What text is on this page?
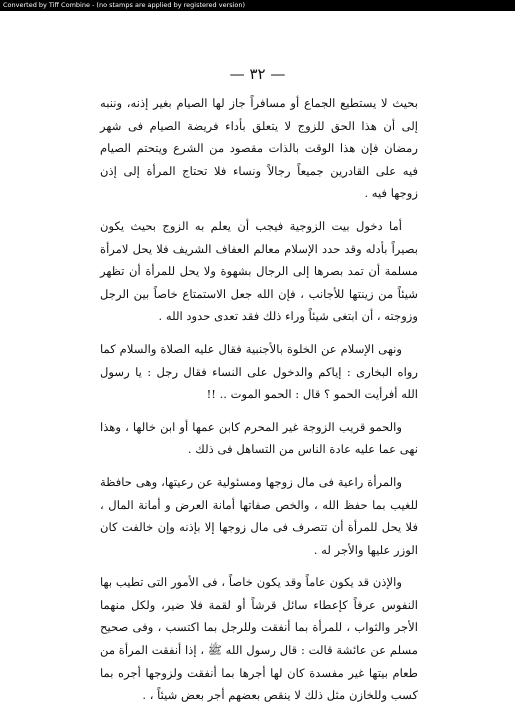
Converted by Tiff Combine - (no stamps are applied by registered version)
— ٣٢ —

بحيث لا يستطيع الجماع أو مسافراً جاز لها الصيام بغير إذنه، وننبه إلى أن هذا الحق للزوج لا يتعلق بأداء فريضة الصيام فى شهر رمضان فإن هذا الوقت بالذات مقصود من الشرع ويتحتم الصيام فيه على القادرين جميعاً رجالاً ونساء فلا تحتاج المرأة إلى إذن زوجها فيه .

أما دخول بيت الزوجية فيجب أن يعلم به الزوج بحيث يكون بصيراً بأدله وقد حدد الإسلام معالم العفاف الشريف فلا يحل لامرأة مسلمة أن تمد بصرها إلى الرجال بشهوة ولا يحل للمرأة أن تظهر شيئاً من زينتها للأجانب ، فإن الله جعل الاستمتاع خاصاً بين الرجل وزوجته ، أن ابتغى شيئاً وراء ذلك فقد تعدى حدود الله .

ونهى الإسلام عن الخلوة بالأجنبية فقال عليه الصلاة والسلام كما رواه البخارى : إياكم والدخول على النساء فقال رجل : يا رسول الله أفرأيت الحمو ؟ قال : الحمو الموت .. !!

والحمو قريب الزوجة غير المحرم كابن عمها أو ابن خالها ، وهذا نهى عما عليه عادة الناس من التساهل فى ذلك .

والمرأة راعية فى مال زوجها ومسئولية عن رعيتها، وهى حافظة للغيب بما حفظ الله ، والخص صفاتها أمانة العرض و أمانة المال ، فلا يحل للمرأة أن تتصرف فى مال زوجها إلا بإذنه وإن خالفت كان الوزر عليها والأجر له .

والإذن قد يكون عاماً وقد يكون خاصاً ، فى الأمور التى تطيب بها النفوس عرفاً كإعطاء سائل قرشاً أو لقمة فلا ضير، ولكل منهما الأجر والثواب ، للمرأة بما أنفقت وللرجل بما اكتسب ، وفى صحيح مسلم عن عائشة قالت : قال رسول الله ﷺ ، إذا أنفقت المرأة من طعام بيتها غير مفسدة كان لها أجرها بما أنفقت ولزوجها أجره بما كسب وللخازن مثل ذلك لا ينقص بعضهم أجر بعض شيئاً ، .
